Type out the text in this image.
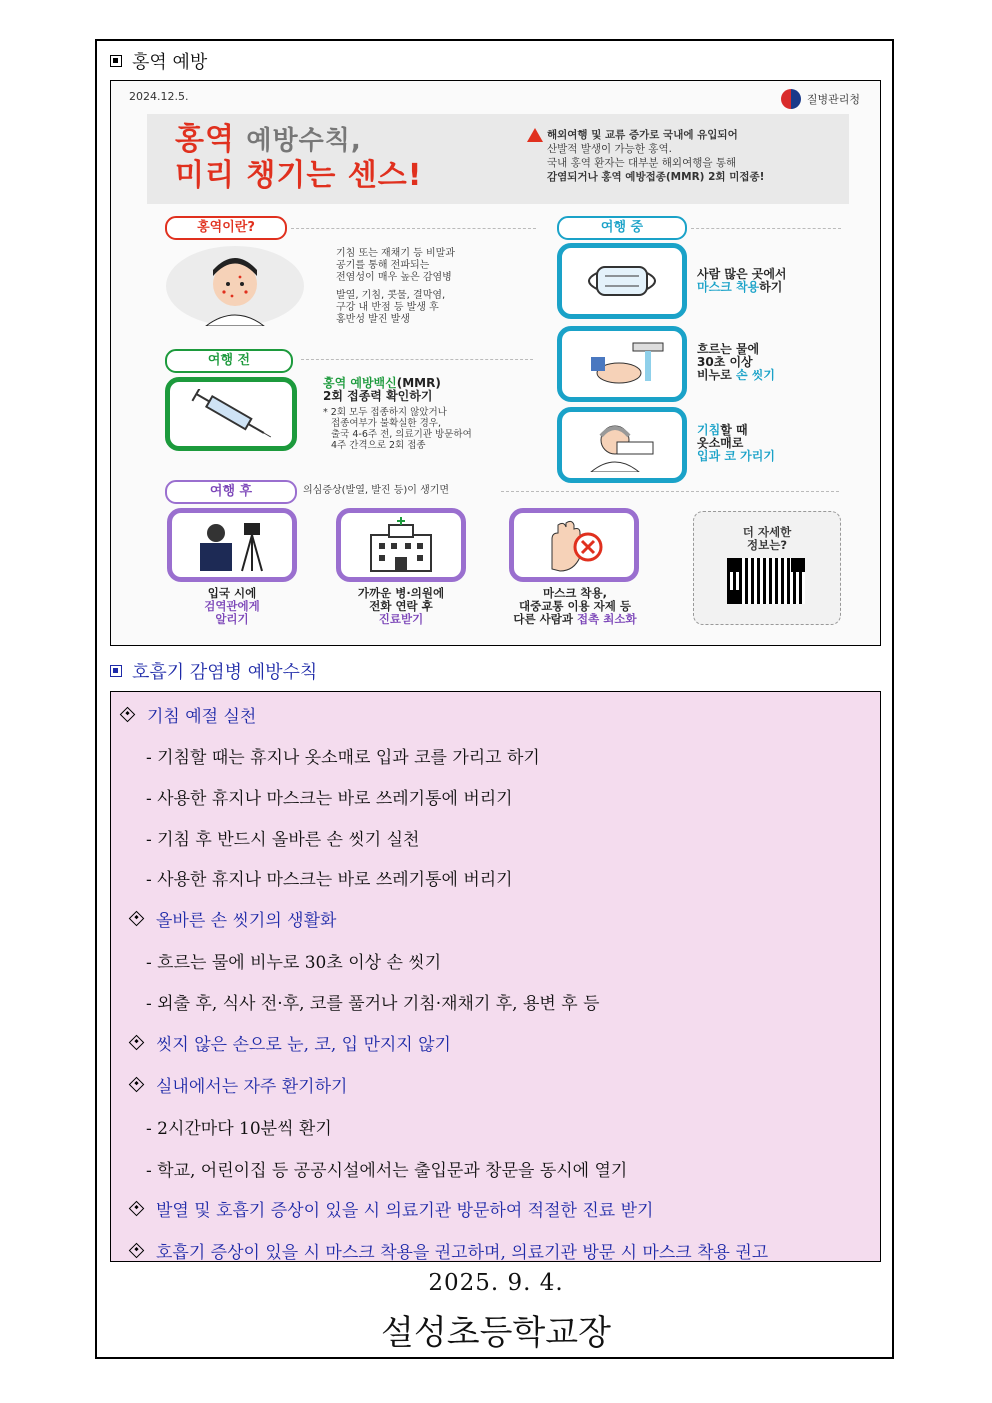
홍역 예방
2024.12.5.	질병관리청
홍역 예방수칙,
미리 챙기는 센스!
해외여행 및 교류 증가로 국내에 유입되어
산발적 발생이 가능한 홍역.
국내 홍역 환자는 대부분 해외여행을 통해
감염되거나 홍역 예방접종(MMR) 2회 미접종!
홍역이란?
기침 또는 재채기 등 비말과
공기를 통해 전파되는
전염성이 매우 높은 감염병
발열, 기침, 콧물, 결막염,
구강 내 반점 등 발생 후
홍반성 발진 발생
여행 전
홍역 예방백신(MMR)
2회 접종력 확인하기
* 2회 모두 접종하지 않았거나
접종여부가 불확실한 경우,
출국 4-6주 전, 의료기관 방문하여
4주 간격으로 2회 접종
여행 중
사람 많은 곳에서
마스크 착용하기
흐르는 물에
30초 이상
비누로 손 씻기
기침할 때
옷소매로
입과 코 가리기
여행 후	의심증상(발열, 발진 등)이 생기면
입국 시에
검역관에게
알리기
가까운 병·의원에
전화 연락 후
진료받기
마스크 착용,
대중교통 이용 자제 등
다른 사람과 접촉 최소화
더 자세한
정보는?
호흡기 감염병 예방수칙
기침 예절 실천
- 기침할 때는 휴지나 옷소매로 입과 코를 가리고 하기
- 사용한 휴지나 마스크는 바로 쓰레기통에 버리기
- 기침 후 반드시 올바른 손 씻기 실천
- 사용한 휴지나 마스크는 바로 쓰레기통에 버리기
올바른 손 씻기의 생활화
- 흐르는 물에 비누로 30초 이상 손 씻기
- 외출 후, 식사 전·후, 코를 풀거나 기침·재채기 후, 용변 후 등
씻지 않은 손으로 눈, 코, 입 만지지 않기
실내에서는 자주 환기하기
- 2시간마다 10분씩 환기
- 학교, 어린이집 등 공공시설에서는 출입문과 창문을 동시에 열기
발열 및 호흡기 증상이 있을 시 의료기관 방문하여 적절한 진료 받기
호흡기 증상이 있을 시 마스크 착용을 권고하며, 의료기관 방문 시 마스크 착용 권고
2025. 9. 4.
설성초등학교장
